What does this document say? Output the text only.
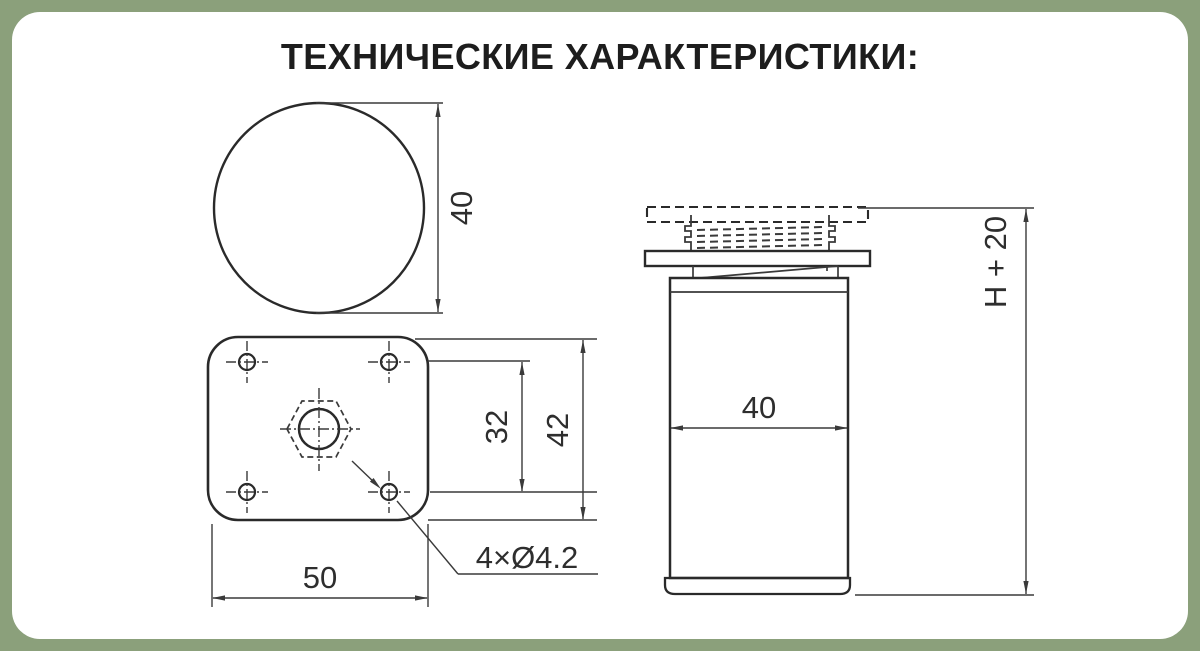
ТЕХНИЧЕСКИЕ ХАРАКТЕРИСТИКИ:
40
32 42
50
4×Ø4.2
40
H + 20
